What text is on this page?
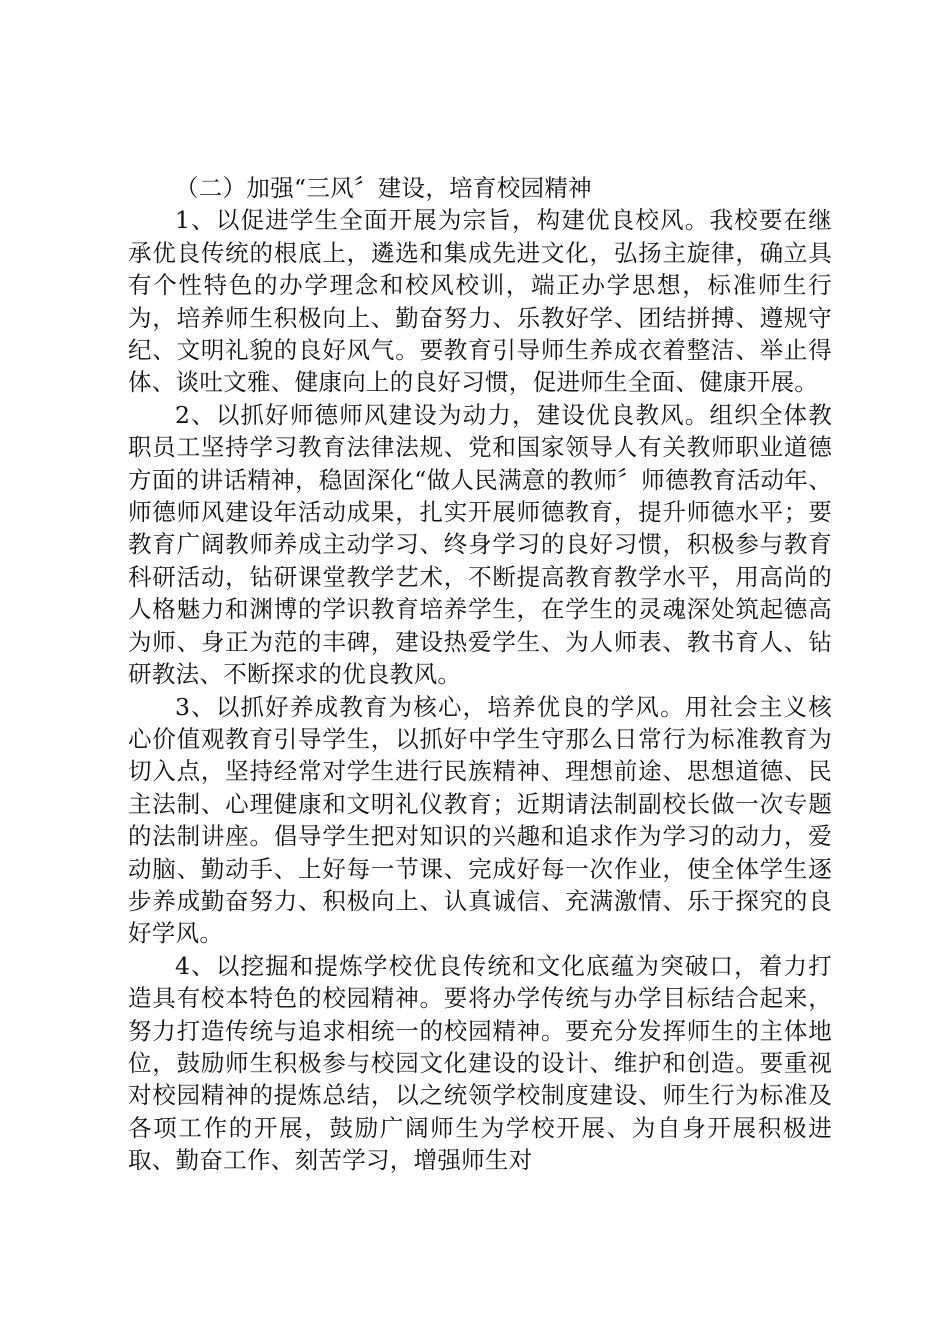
（二）加强“三风〞建设，培育校园精神

1、以促进学生全面开展为宗旨，构建优良校风。我校要在继承优良传统的根底上，遴选和集成先进文化，弘扬主旋律，确立具有个性特色的办学理念和校风校训，端正办学思想，标准师生行为，培养师生积极向上、勤奋努力、乐教好学、团结拼搏、遵规守纪、文明礼貌的良好风气。要教育引导师生养成衣着整洁、举止得体、谈吐文雅、健康向上的良好习惯，促进师生全面、健康开展。

2、以抓好师德师风建设为动力，建设优良教风。组织全体教职员工坚持学习教育法律法规、党和国家领导人有关教师职业道德方面的讲话精神，稳固深化“做人民满意的教师〞师德教育活动年、师德师风建设年活动成果，扎实开展师德教育，提升师德水平；要教育广阔教师养成主动学习、终身学习的良好习惯，积极参与教育科研活动，钻研课堂教学艺术，不断提高教育教学水平，用高尚的人格魅力和渊博的学识教育培养学生，在学生的灵魂深处筑起德高为师、身正为范的丰碑，建设热爱学生、为人师表、教书育人、钻研教法、不断探求的优良教风。

3、以抓好养成教育为核心，培养优良的学风。用社会主义核心价值观教育引导学生，以抓好中学生守那么日常行为标准教育为切入点，坚持经常对学生进行民族精神、理想前途、思想道德、民主法制、心理健康和文明礼仪教育；近期请法制副校长做一次专题的法制讲座。倡导学生把对知识的兴趣和追求作为学习的动力，爱动脑、勤动手、上好每一节课、完成好每一次作业，使全体学生逐步养成勤奋努力、积极向上、认真诚信、充满激情、乐于探究的良好学风。

4、以挖掘和提炼学校优良传统和文化底蕴为突破口，着力打造具有校本特色的校园精神。要将办学传统与办学目标结合起来，努力打造传统与追求相统一的校园精神。要充分发挥师生的主体地位，鼓励师生积极参与校园文化建设的设计、维护和创造。要重视对校园精神的提炼总结，以之统领学校制度建设、师生行为标准及各项工作的开展，鼓励广阔师生为学校开展、为自身开展积极进取、勤奋工作、刻苦学习，增强师生对
